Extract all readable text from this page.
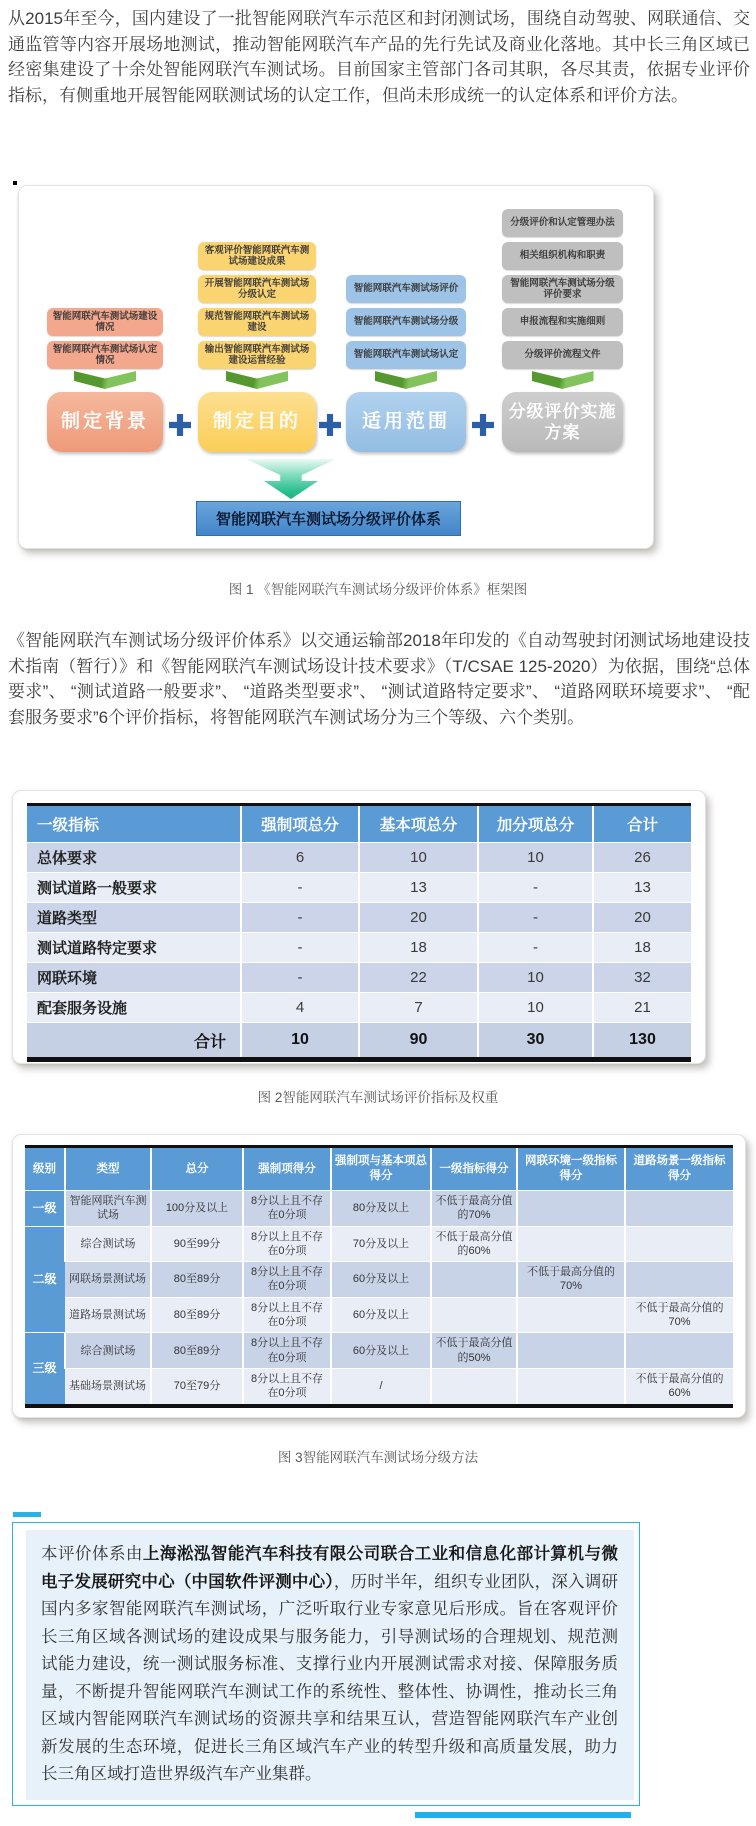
从2015年至今，国内建设了一批智能网联汽车示范区和封闭测试场，围绕自动驾驶、网联通信、交通监管等内容开展场地测试，推动智能网联汽车产品的先行先试及商业化落地。其中长三角区域已经密集建设了十余处智能网联汽车测试场。目前国家主管部门各司其职，各尽其责，依据专业评价指标，有侧重地开展智能网联测试场的认定工作，但尚未形成统一的认定体系和评价方法。

智能网联汽车测试场建设情况
智能网联汽车测试场认定情况
制定背景
客观评价智能网联汽车测试场建设成果
开展智能网联汽车测试场分级认定
规范智能网联汽车测试场建设
输出智能网联汽车测试场建设运营经验
制定目的
智能网联汽车测试场评价
智能网联汽车测试场分级
智能网联汽车测试场认定
适用范围
分级评价和认定管理办法
相关组织机构和职责
智能网联汽车测试场分级评价要求
申报流程和实施细则
分级评价流程文件
分级评价实施方案
智能网联汽车测试场分级评价体系
图 1 《智能网联汽车测试场分级评价体系》框架图

《智能网联汽车测试场分级评价体系》以交通运输部2018年印发的《自动驾驶封闭测试场地建设技术指南（暂行）》和《智能网联汽车测试场设计技术要求》（T/CSAE 125-2020）为依据，围绕“总体要求”、 “测试道路一般要求”、 “道路类型要求”、 “测试道路特定要求”、 “道路网联环境要求”、 “配套服务要求”6个评价指标，将智能网联汽车测试场分为三个等级、六个类别。

一级指标	强制项总分	基本项总分	加分项总分	合计
总体要求	6	10	10	26
测试道路一般要求	-	13	-	13
道路类型	-	20	-	20
测试道路特定要求	-	18	-	18
网联环境	-	22	10	32
配套服务设施	4	7	10	21
合计	10	90	30	130
图 2智能网联汽车测试场评价指标及权重
级别	类型	总分	强制项得分	强制项与基本项总得分	一级指标得分	网联环境一级指标得分	道路场景一级指标得分
一级	智能网联汽车测试场	100分及以上	8分以上且不存在0分项	80分及以上	不低于最高分值的70%		
二级	综合测试场	90至99分	8分以上且不存在0分项	70分及以上	不低于最高分值的60%		
	网联场景测试场	80至89分	8分以上且不存在0分项	60分及以上		不低于最高分值的70%	
	道路场景测试场	80至89分	8分以上且不存在0分项	60分及以上			不低于最高分值的70%
三级	综合测试场	80至89分	8分以上且不存在0分项	60分及以上	不低于最高分值的50%		
	基础场景测试场	70至79分	8分以上且不存在0分项	/			不低于最高分值的60%
图 3智能网联汽车测试场分级方法
本评价体系由上海淞泓智能汽车科技有限公司联合工业和信息化部计算机与微电子发展研究中心（中国软件评测中心），历时半年，组织专业团队，深入调研国内多家智能网联汽车测试场，广泛听取行业专家意见后形成。旨在客观评价长三角区域各测试场的建设成果与服务能力，引导测试场的合理规划、规范测试能力建设，统一测试服务标准、支撑行业内开展测试需求对接、保障服务质量，不断提升智能网联汽车测试工作的系统性、整体性、协调性，推动长三角区域内智能网联汽车测试场的资源共享和结果互认，营造智能网联汽车产业创新发展的生态环境，促进长三角区域汽车产业的转型升级和高质量发展，助力长三角区域打造世界级汽车产业集群。
